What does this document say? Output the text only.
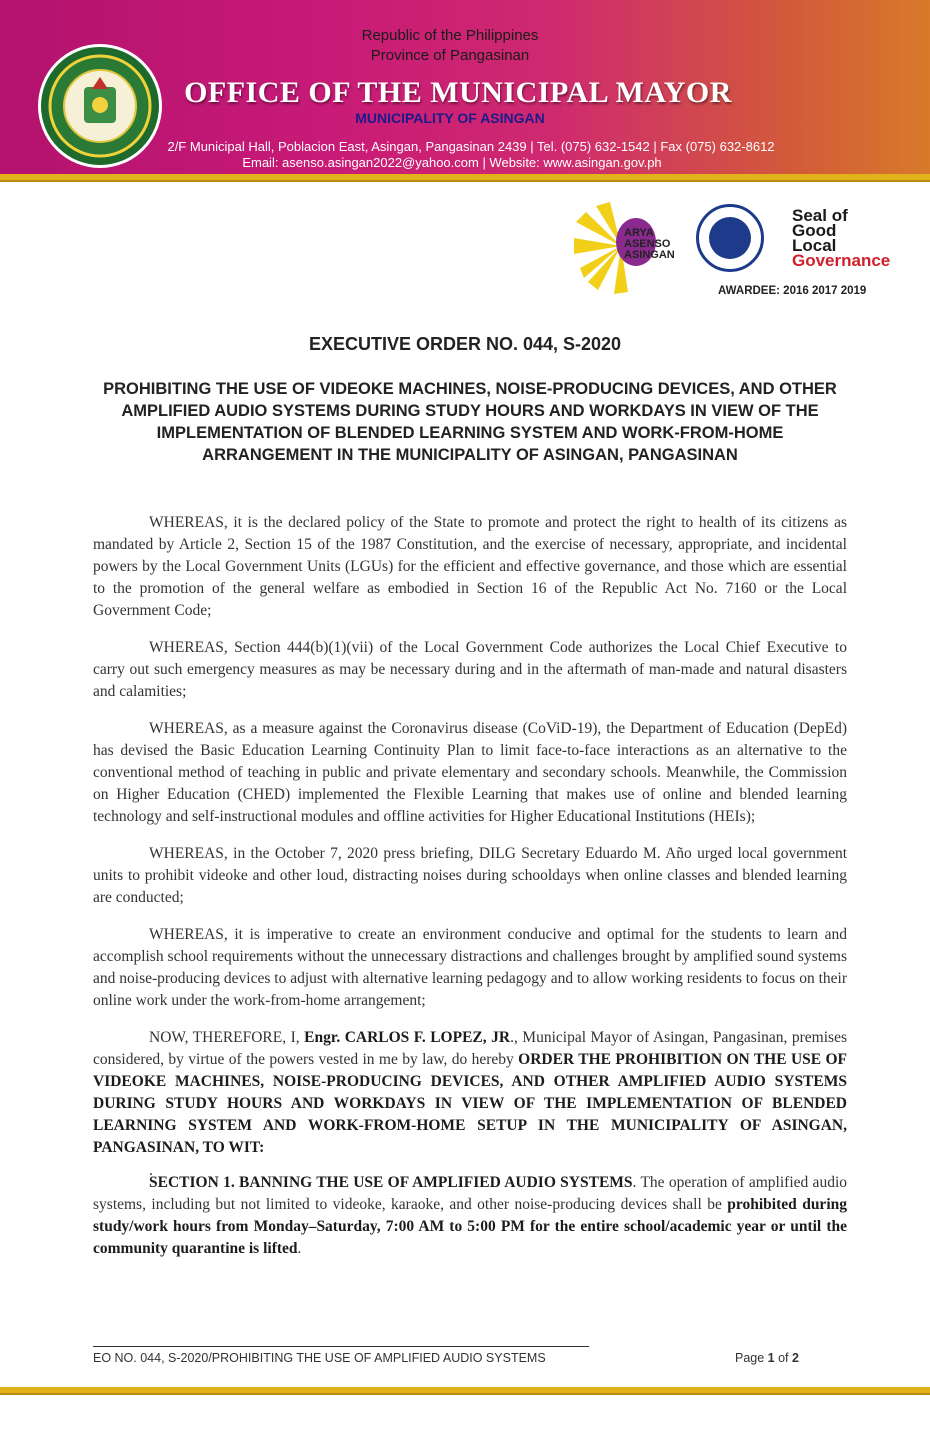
Republic of the Philippines
Province of Pangasinan
OFFICE OF THE MUNICIPAL MAYOR
MUNICIPALITY OF ASINGAN
2/F Municipal Hall, Poblacion East, Asingan, Pangasinan 2439 | Tel. (075) 632-1542 | Fax (075) 632-8612
Email: asenso.asingan2022@yahoo.com | Website: www.asingan.gov.ph
ARYA
ASENSO
ASINGAN
Seal of
Good
Local
Governance
AWARDEE: 2016 2017 2019
EXECUTIVE ORDER NO. 044, S-2020
PROHIBITING THE USE OF VIDEOKE MACHINES, NOISE-PRODUCING DEVICES, AND OTHER AMPLIFIED AUDIO SYSTEMS DURING STUDY HOURS AND WORKDAYS IN VIEW OF THE IMPLEMENTATION OF BLENDED LEARNING SYSTEM AND WORK-FROM-HOME ARRANGEMENT IN THE MUNICIPALITY OF ASINGAN, PANGASINAN

WHEREAS, it is the declared policy of the State to promote and protect the right to health of its citizens as mandated by Article 2, Section 15 of the 1987 Constitution, and the exercise of necessary, appropriate, and incidental powers by the Local Government Units (LGUs) for the efficient and effective governance, and those which are essential to the promotion of the general welfare as embodied in Section 16 of the Republic Act No. 7160 or the Local Government Code;

WHEREAS, Section 444(b)(1)(vii) of the Local Government Code authorizes the Local Chief Executive to carry out such emergency measures as may be necessary during and in the aftermath of man-made and natural disasters and calamities;

WHEREAS, as a measure against the Coronavirus disease (CoViD-19), the Department of Education (DepEd) has devised the Basic Education Learning Continuity Plan to limit face-to-face interactions as an alternative to the conventional method of teaching in public and private elementary and secondary schools. Meanwhile, the Commission on Higher Education (CHED) implemented the Flexible Learning that makes use of online and blended learning technology and self-instructional modules and offline activities for Higher Educational Institutions (HEIs);

WHEREAS, in the October 7, 2020 press briefing, DILG Secretary Eduardo M. Año urged local government units to prohibit videoke and other loud, distracting noises during schooldays when online classes and blended learning are conducted;

WHEREAS, it is imperative to create an environment conducive and optimal for the students to learn and accomplish school requirements without the unnecessary distractions and challenges brought by amplified sound systems and noise-producing devices to adjust with alternative learning pedagogy and to allow working residents to focus on their online work under the work-from-home arrangement;

NOW, THEREFORE, I, Engr. CARLOS F. LOPEZ, JR., Municipal Mayor of Asingan, Pangasinan, premises considered, by virtue of the powers vested in me by law, do hereby ORDER THE PROHIBITION ON THE USE OF VIDEOKE MACHINES, NOISE-PRODUCING DEVICES, AND OTHER AMPLIFIED AUDIO SYSTEMS DURING STUDY HOURS AND WORKDAYS IN VIEW OF THE IMPLEMENTATION OF BLENDED LEARNING SYSTEM AND WORK-FROM-HOME SETUP IN THE MUNICIPALITY OF ASINGAN, PANGASINAN, TO WIT:

.

SECTION 1. BANNING THE USE OF AMPLIFIED AUDIO SYSTEMS. The operation of amplified audio systems, including but not limited to videoke, karaoke, and other noise-producing devices shall be prohibited during study/work hours from Monday–Saturday, 7:00 AM to 5:00 PM for the entire school/academic year or until the community quarantine is lifted.

EO NO. 044, S-2020/PROHIBITING THE USE OF AMPLIFIED AUDIO SYSTEMS	Page 1 of 2
